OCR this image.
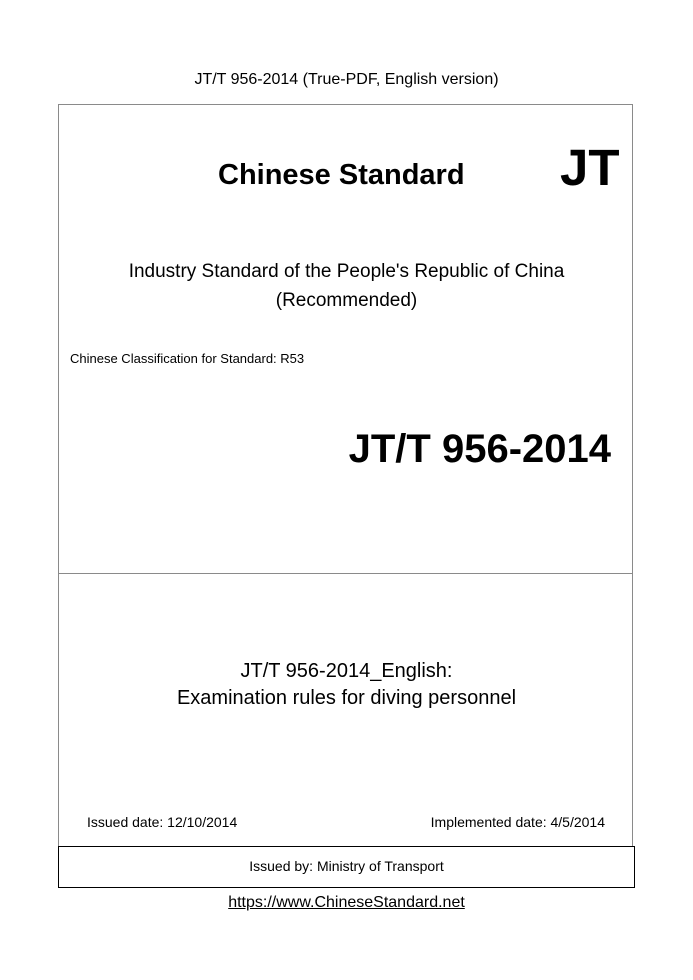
JT/T 956-2014 (True-PDF, English version)
Chinese Standard JT
Industry Standard of the People's Republic of China
(Recommended)
Chinese Classification for Standard: R53
JT/T 956-2014
JT/T 956-2014_English:
Examination rules for diving personnel
Issued date: 12/10/2014	Implemented date: 4/5/2014
Issued by: Ministry of Transport
https://www.ChineseStandard.net
